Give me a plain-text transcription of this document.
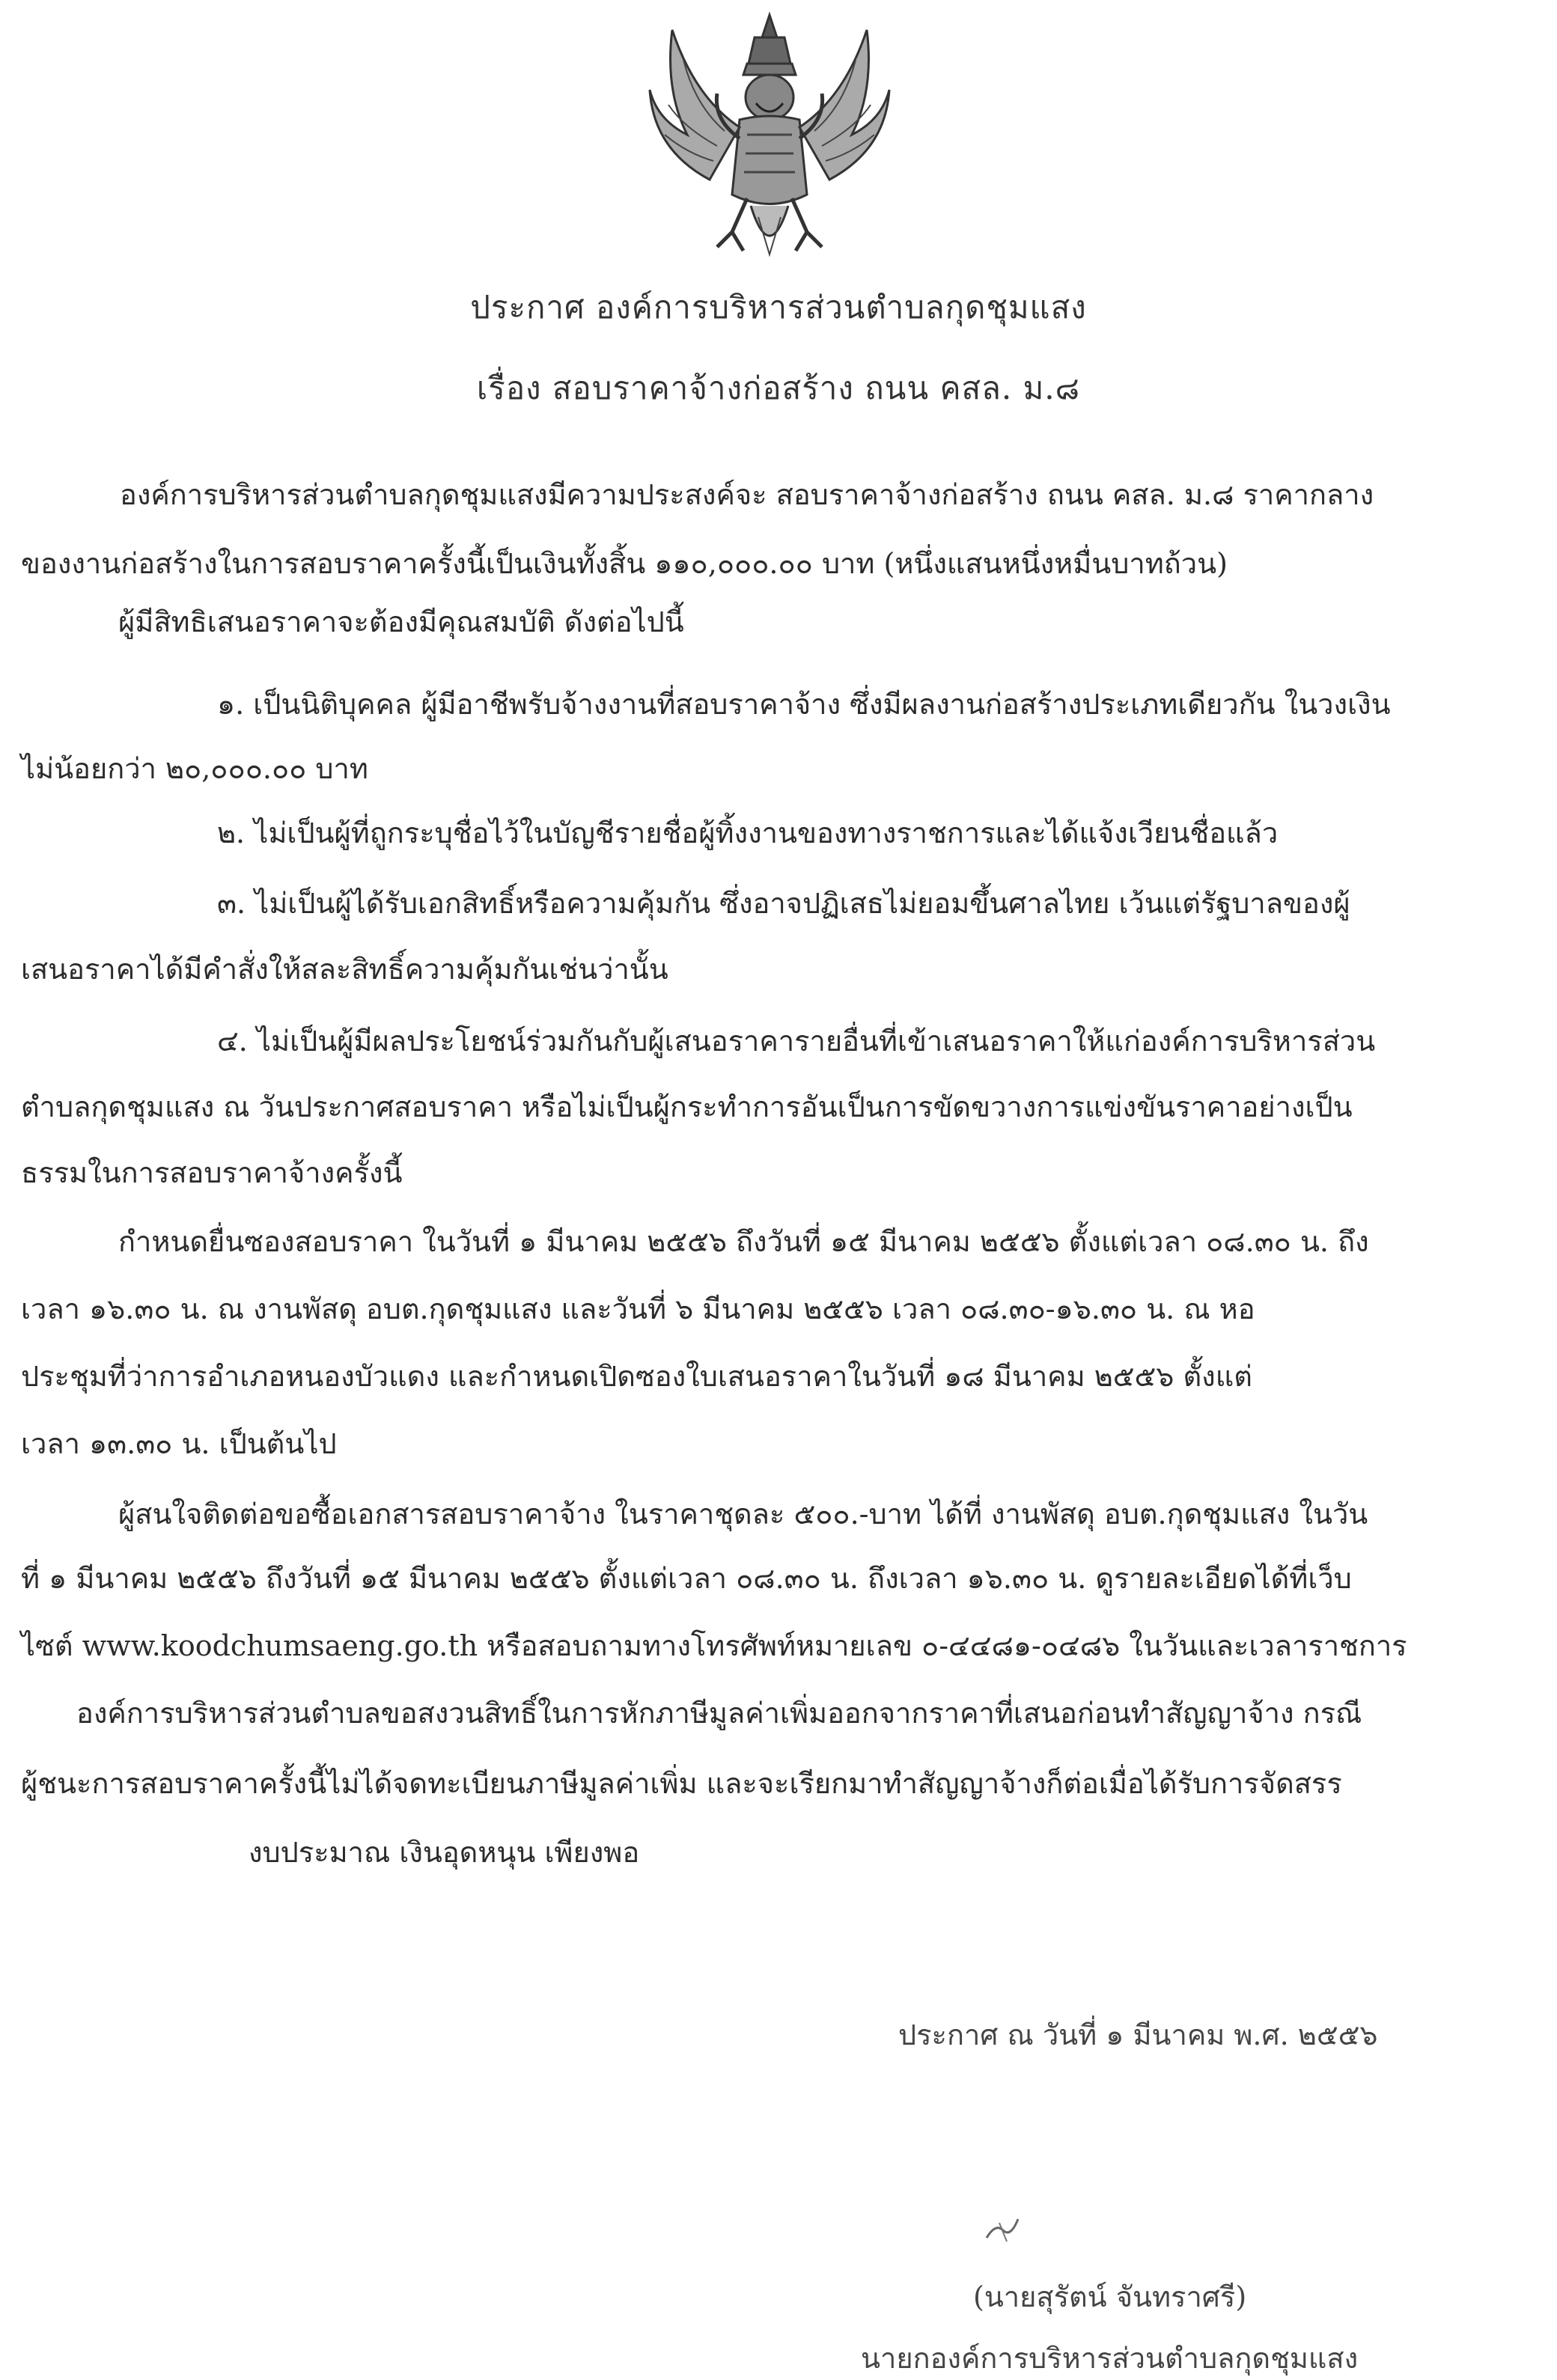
ประกาศ องค์การบริหารส่วนตำบลกุดชุมแสง
เรื่อง สอบราคาจ้างก่อสร้าง ถนน คสล. ม.๘
องค์การบริหารส่วนตำบลกุดชุมแสงมีความประสงค์จะ สอบราคาจ้างก่อสร้าง ถนน คสล. ม.๘ ราคากลาง
ของงานก่อสร้างในการสอบราคาครั้งนี้เป็นเงินทั้งสิ้น ๑๑๐,๐๐๐.๐๐ บาท (หนึ่งแสนหนึ่งหมื่นบาทถ้วน)
ผู้มีสิทธิเสนอราคาจะต้องมีคุณสมบัติ ดังต่อไปนี้
๑. เป็นนิติบุคคล ผู้มีอาชีพรับจ้างงานที่สอบราคาจ้าง ซึ่งมีผลงานก่อสร้างประเภทเดียวกัน ในวงเงิน
ไม่น้อยกว่า ๒๐,๐๐๐.๐๐ บาท
๒. ไม่เป็นผู้ที่ถูกระบุชื่อไว้ในบัญชีรายชื่อผู้ทิ้งงานของทางราชการและได้แจ้งเวียนชื่อแล้ว
๓. ไม่เป็นผู้ได้รับเอกสิทธิ์หรือความคุ้มกัน ซึ่งอาจปฏิเสธไม่ยอมขึ้นศาลไทย เว้นแต่รัฐบาลของผู้
เสนอราคาได้มีคำสั่งให้สละสิทธิ์ความคุ้มกันเช่นว่านั้น
๔. ไม่เป็นผู้มีผลประโยชน์ร่วมกันกับผู้เสนอราคารายอื่นที่เข้าเสนอราคาให้แก่องค์การบริหารส่วน
ตำบลกุดชุมแสง ณ วันประกาศสอบราคา หรือไม่เป็นผู้กระทำการอันเป็นการขัดขวางการแข่งขันราคาอย่างเป็น
ธรรมในการสอบราคาจ้างครั้งนี้
กำหนดยื่นซองสอบราคา ในวันที่ ๑ มีนาคม ๒๕๕๖ ถึงวันที่ ๑๕ มีนาคม ๒๕๕๖ ตั้งแต่เวลา ๐๘.๓๐ น. ถึง
เวลา ๑๖.๓๐ น. ณ งานพัสดุ อบต.กุดชุมแสง และวันที่ ๖ มีนาคม ๒๕๕๖ เวลา ๐๘.๓๐-๑๖.๓๐ น. ณ หอ
ประชุมที่ว่าการอำเภอหนองบัวแดง และกำหนดเปิดซองใบเสนอราคาในวันที่ ๑๘ มีนาคม ๒๕๕๖ ตั้งแต่
เวลา ๑๓.๓๐ น. เป็นต้นไป
ผู้สนใจติดต่อขอซื้อเอกสารสอบราคาจ้าง ในราคาชุดละ ๕๐๐.-บาท ได้ที่ งานพัสดุ อบต.กุดชุมแสง ในวัน
ที่ ๑ มีนาคม ๒๕๕๖ ถึงวันที่ ๑๕ มีนาคม ๒๕๕๖ ตั้งแต่เวลา ๐๘.๓๐ น. ถึงเวลา ๑๖.๓๐ น. ดูรายละเอียดได้ที่เว็บ
ไซต์ www.koodchumsaeng.go.th หรือสอบถามทางโทรศัพท์หมายเลข ๐-๔๔๘๑-๐๔๘๖ ในวันและเวลาราชการ
องค์การบริหารส่วนตำบลขอสงวนสิทธิ์ในการหักภาษีมูลค่าเพิ่มออกจากราคาที่เสนอก่อนทำสัญญาจ้าง กรณี
ผู้ชนะการสอบราคาครั้งนี้ไม่ได้จดทะเบียนภาษีมูลค่าเพิ่ม และจะเรียกมาทำสัญญาจ้างก็ต่อเมื่อได้รับการจัดสรร
งบประมาณ เงินอุดหนุน เพียงพอ
ประกาศ ณ วันที่ ๑ มีนาคม พ.ศ. ๒๕๕๖
(นายสุรัตน์ จันทราศรี)
นายกองค์การบริหารส่วนตำบลกุดชุมแสง
